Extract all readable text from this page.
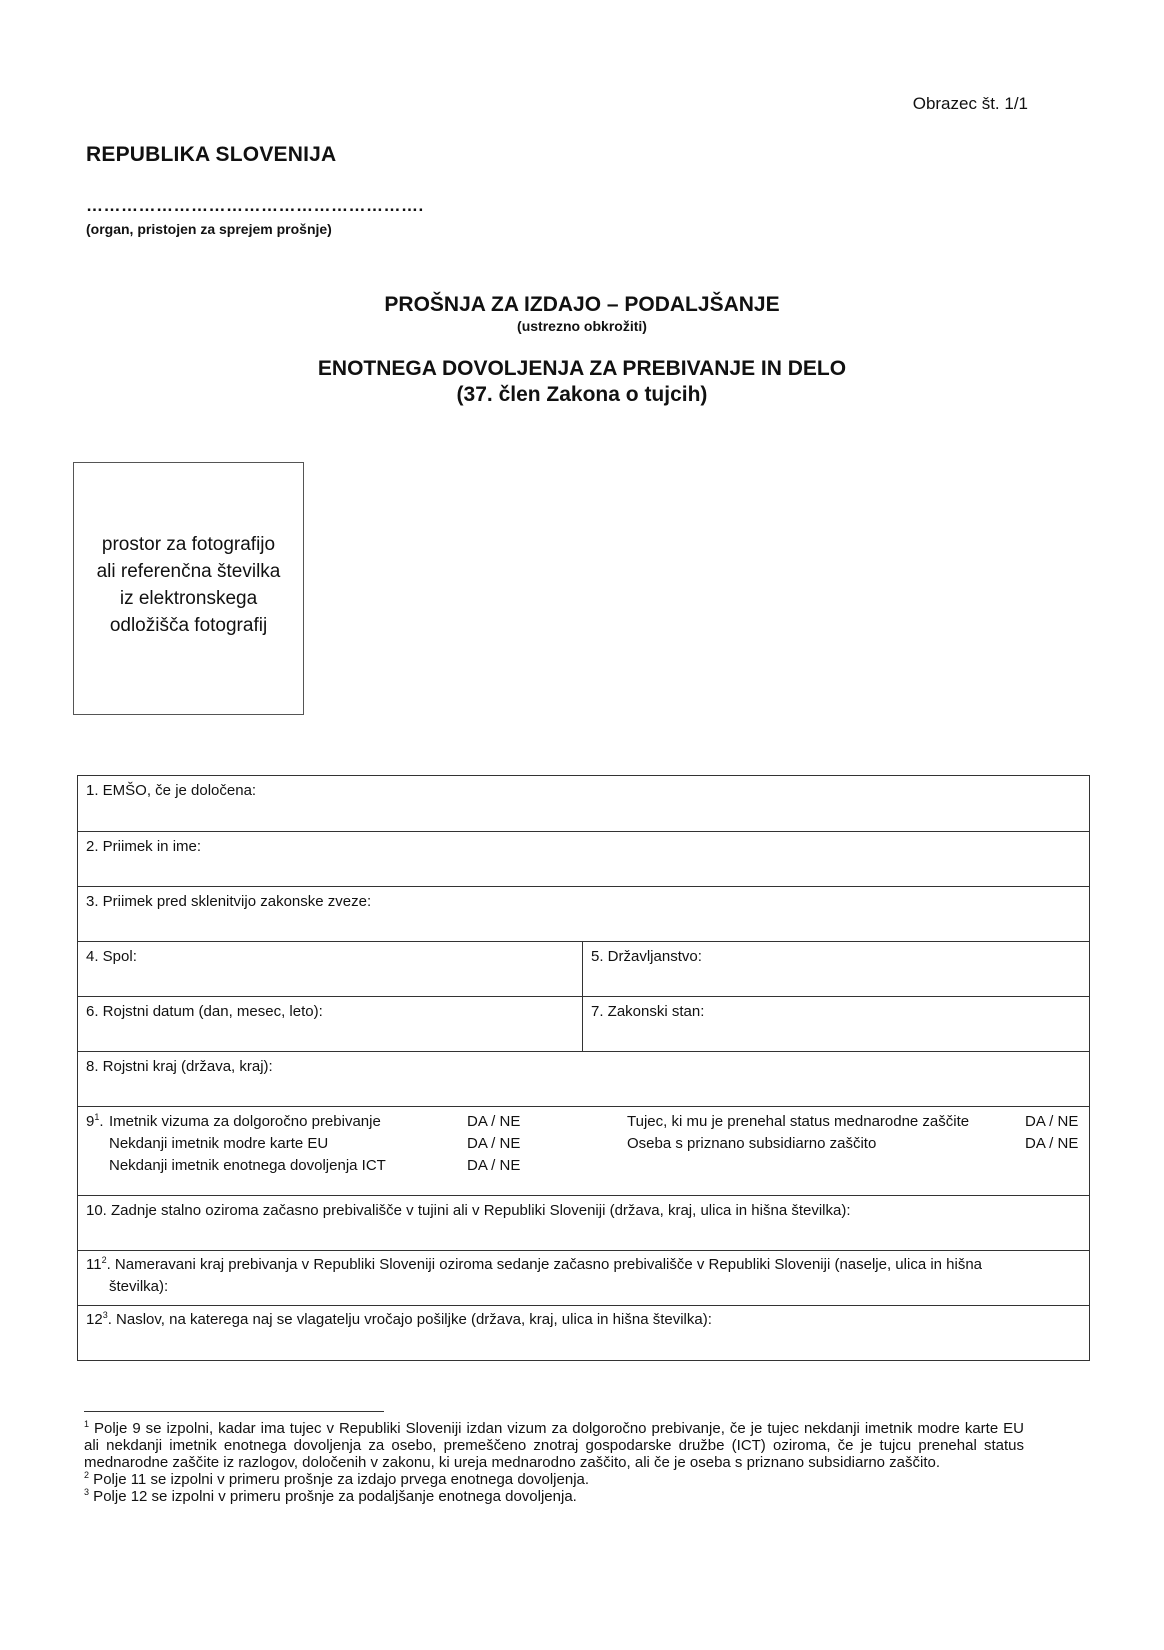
Obrazec št. 1/1
REPUBLIKA SLOVENIJA
………………………………………………….
(organ, pristojen za sprejem prošnje)
PROŠNJA ZA IZDAJO – PODALJŠANJE
(ustrezno obkrožiti)
ENOTNEGA DOVOLJENJA ZA PREBIVANJE IN DELO
(37. člen Zakona o tujcih)
prostor za fotografijo
ali referenčna številka
iz elektronskega
odložišča fotografij
1. EMŠO, če je določena:
2. Priimek in ime:
3. Priimek pred sklenitvijo zakonske zveze:
4. Spol:	5. Državljanstvo:
6. Rojstni datum (dan, mesec, leto):	7. Zakonski stan:
8. Rojstni kraj (država, kraj):
$9^1$. Imetnik vizuma za dolgoročno prebivanje	DA / NE	Tujec, ki mu je prenehal status mednarodne zaščite	DA / NE
Nekdanji imetnik modre karte EU	DA / NE	Oseba s priznano subsidiarno zaščito	DA / NE
Nekdanji imetnik enotnega dovoljenja ICT	DA / NE
10. Zadnje stalno oziroma začasno prebivališče v tujini ali v Republiki Sloveniji (država, kraj, ulica in hišna številka):
$11^2$. Nameravani kraj prebivanja v Republiki Sloveniji oziroma sedanje začasno prebivališče v Republiki Sloveniji (naselje, ulica in hišna
številka):
$12^3$. Naslov, na katerega naj se vlagatelju vročajo pošiljke (država, kraj, ulica in hišna številka):

$^1$ Polje 9 se izpolni, kadar ima tujec v Republiki Sloveniji izdan vizum za dolgoročno prebivanje, če je tujec nekdanji imetnik modre karte EU ali nekdanji imetnik enotnega dovoljenja za osebo, premeščeno znotraj gospodarske družbe (ICT) oziroma, če je tujcu prenehal status mednarodne zaščite iz razlogov, določenih v zakonu, ki ureja mednarodno zaščito, ali če je oseba s priznano subsidiarno zaščito.

$^2$ Polje 11 se izpolni v primeru prošnje za izdajo prvega enotnega dovoljenja.

$^3$ Polje 12 se izpolni v primeru prošnje za podaljšanje enotnega dovoljenja.
